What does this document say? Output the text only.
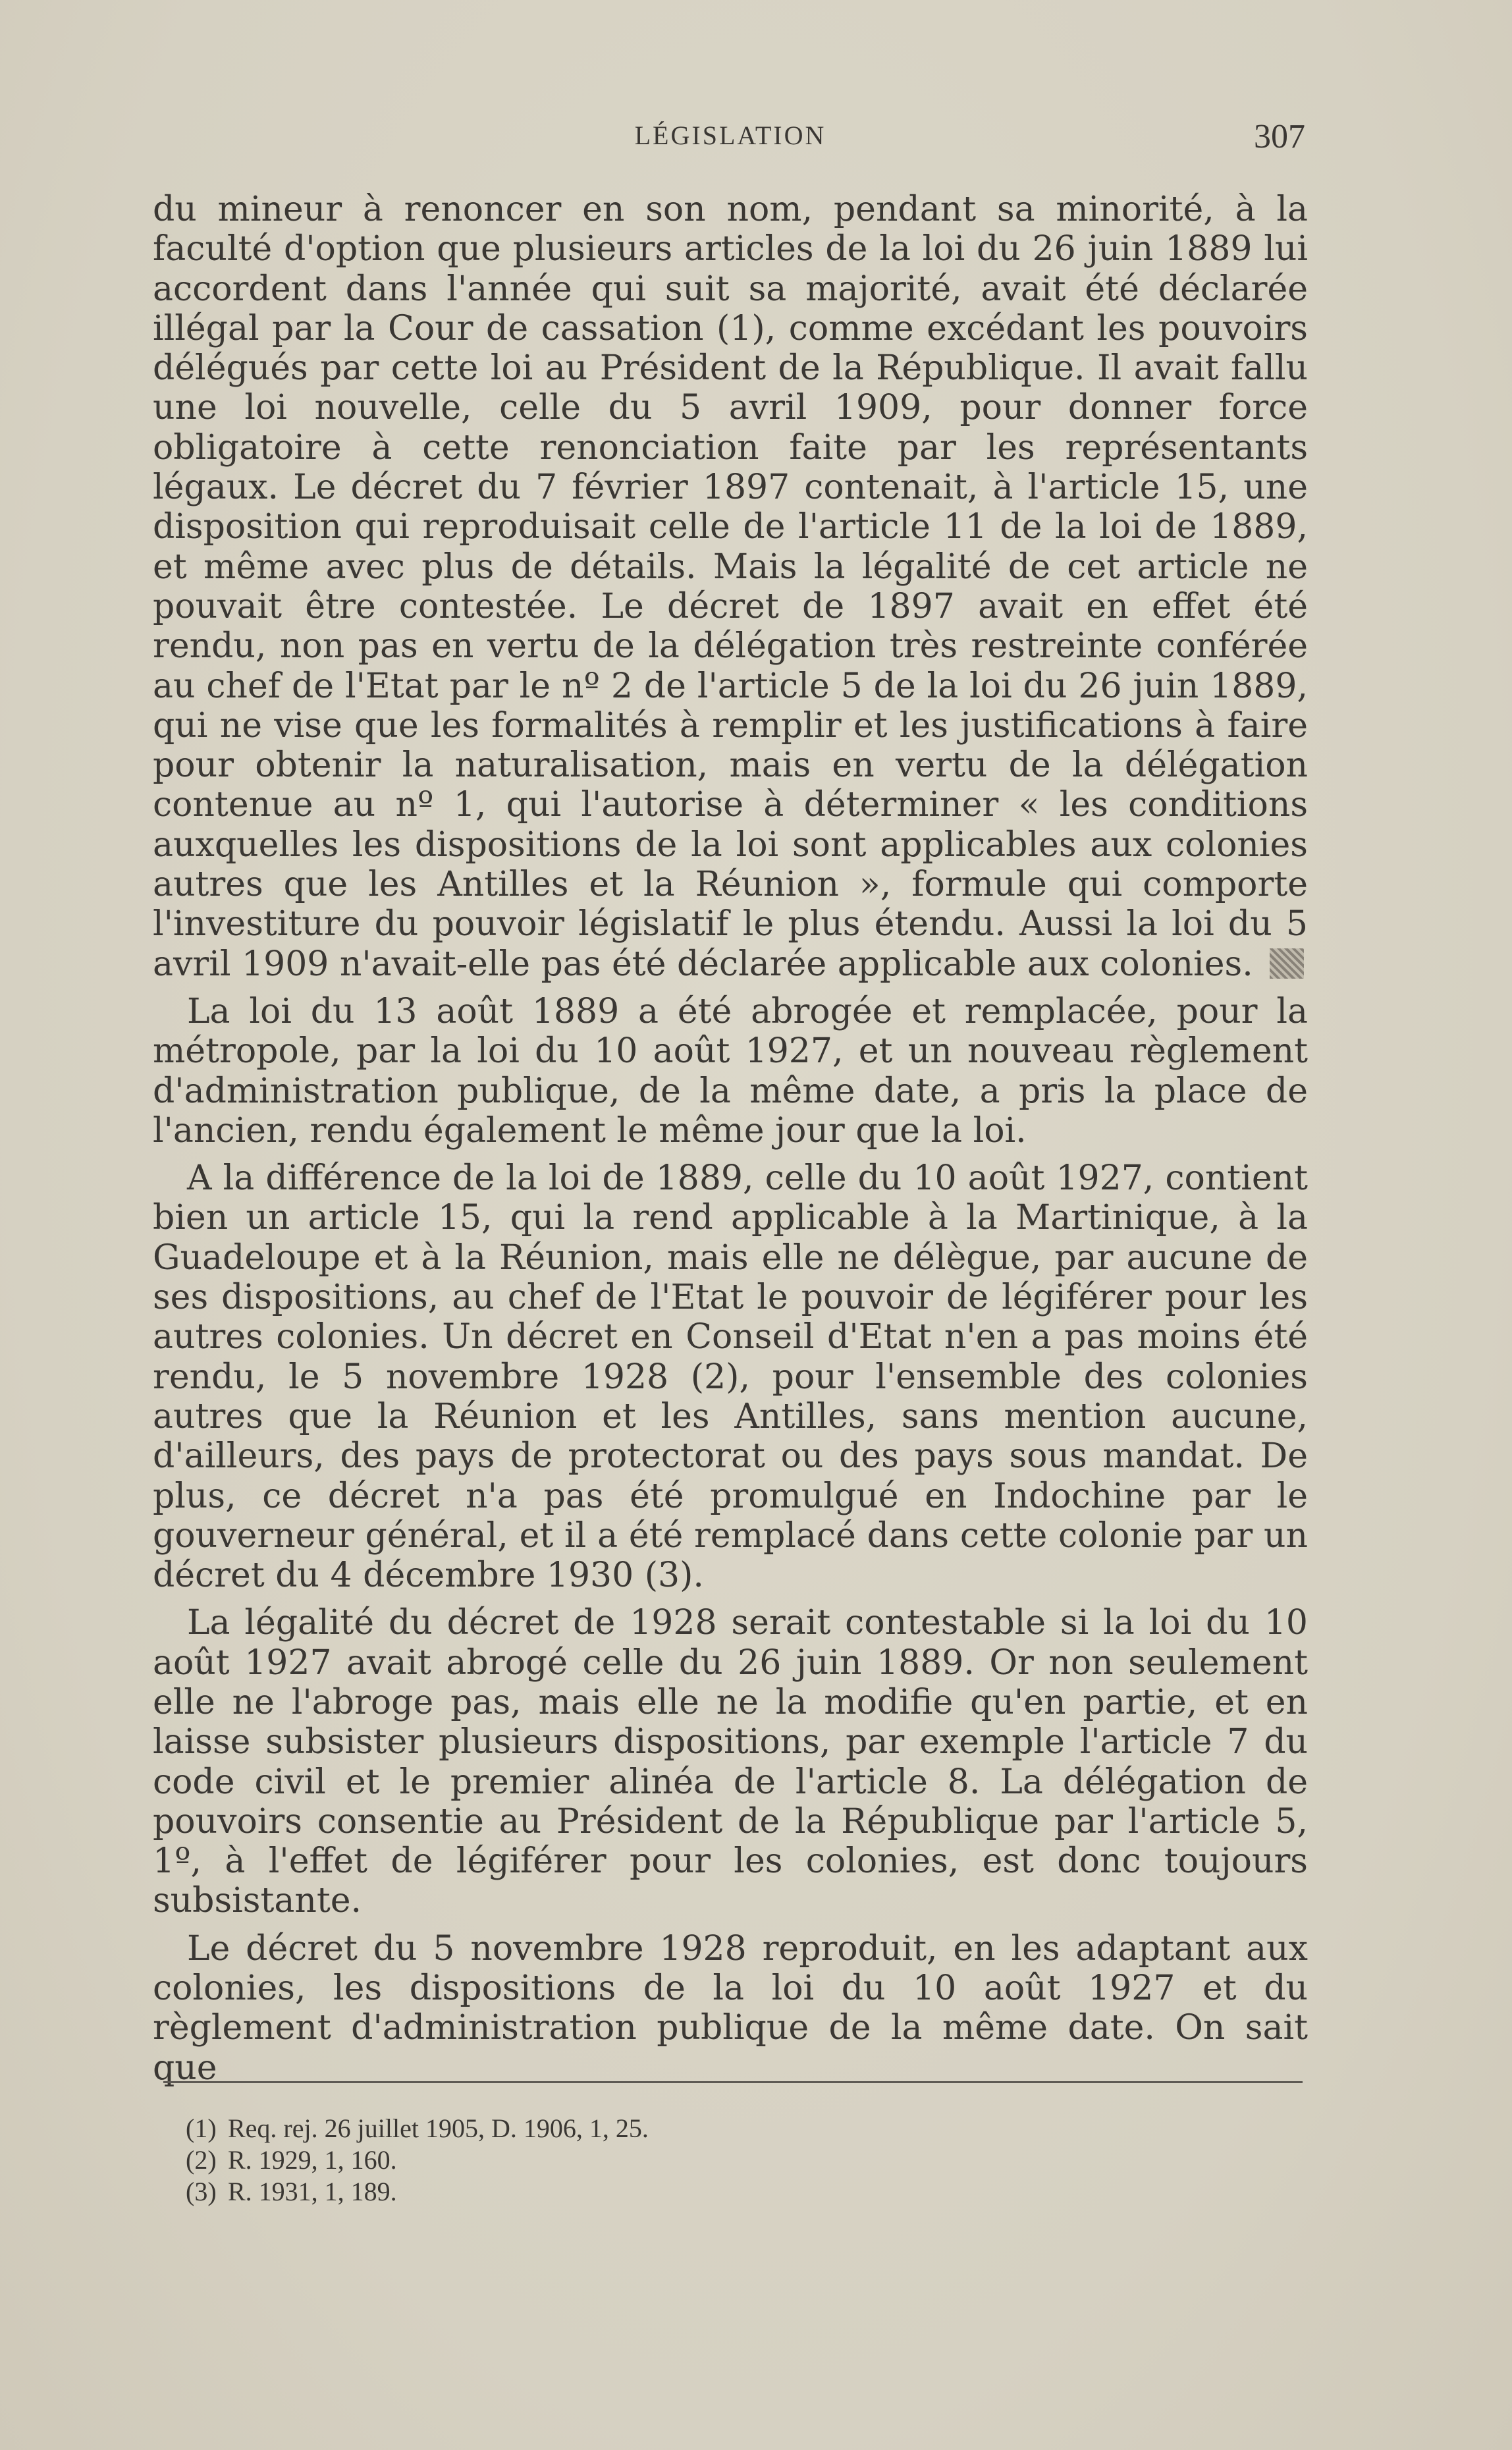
LÉGISLATION	307

du mineur à renoncer en son nom, pendant sa minorité, à la faculté d'option que plusieurs articles de la loi du 26 juin 1889 lui accordent dans l'année qui suit sa majorité, avait été déclarée illégal par la Cour de cassation (1), comme excédant les pouvoirs délégués par cette loi au Président de la République. Il avait fallu une loi nouvelle, celle du 5 avril 1909, pour donner force obligatoire à cette renonciation faite par les représentants légaux. Le décret du 7 février 1897 contenait, à l'article 15, une disposition qui reproduisait celle de l'article 11 de la loi de 1889, et même avec plus de détails. Mais la légalité de cet article ne pouvait être contestée. Le décret de 1897 avait en effet été rendu, non pas en vertu de la délégation très restreinte conférée au chef de l'Etat par le nº 2 de l'article 5 de la loi du 26 juin 1889, qui ne vise que les formalités à remplir et les justifications à faire pour obtenir la naturalisation, mais en vertu de la délégation contenue au nº 1, qui l'autorise à déterminer « les conditions auxquelles les dispositions de la loi sont applicables aux colonies autres que les Antilles et la Réunion », formule qui comporte l'investiture du pouvoir législatif le plus étendu. Aussi la loi du 5 avril 1909 n'avait-elle pas été déclarée applicable aux colonies.

La loi du 13 août 1889 a été abrogée et remplacée, pour la métropole, par la loi du 10 août 1927, et un nouveau règlement d'administration publique, de la même date, a pris la place de l'ancien, rendu également le même jour que la loi.

A la différence de la loi de 1889, celle du 10 août 1927, contient bien un article 15, qui la rend applicable à la Martinique, à la Guadeloupe et à la Réunion, mais elle ne délègue, par aucune de ses dispositions, au chef de l'Etat le pouvoir de légiférer pour les autres colonies. Un décret en Conseil d'Etat n'en a pas moins été rendu, le 5 novembre 1928 (2), pour l'ensemble des colonies autres que la Réunion et les Antilles, sans mention aucune, d'ailleurs, des pays de protectorat ou des pays sous mandat. De plus, ce décret n'a pas été promulgué en Indochine par le gouverneur général, et il a été remplacé dans cette colonie par un décret du 4 décembre 1930 (3).

La légalité du décret de 1928 serait contestable si la loi du 10 août 1927 avait abrogé celle du 26 juin 1889. Or non seulement elle ne l'abroge pas, mais elle ne la modifie qu'en partie, et en laisse subsister plusieurs dispositions, par exemple l'article 7 du code civil et le premier alinéa de l'article 8. La délégation de pouvoirs consentie au Président de la République par l'article 5, 1º, à l'effet de légiférer pour les colonies, est donc toujours subsistante.

Le décret du 5 novembre 1928 reproduit, en les adaptant aux colonies, les dispositions de la loi du 10 août 1927 et du règlement d'administration publique de la même date. On sait que

(1) Req. rej. 26 juillet 1905, D. 1906, 1, 25.
(2) R. 1929, 1, 160.
(3) R. 1931, 1, 189.
